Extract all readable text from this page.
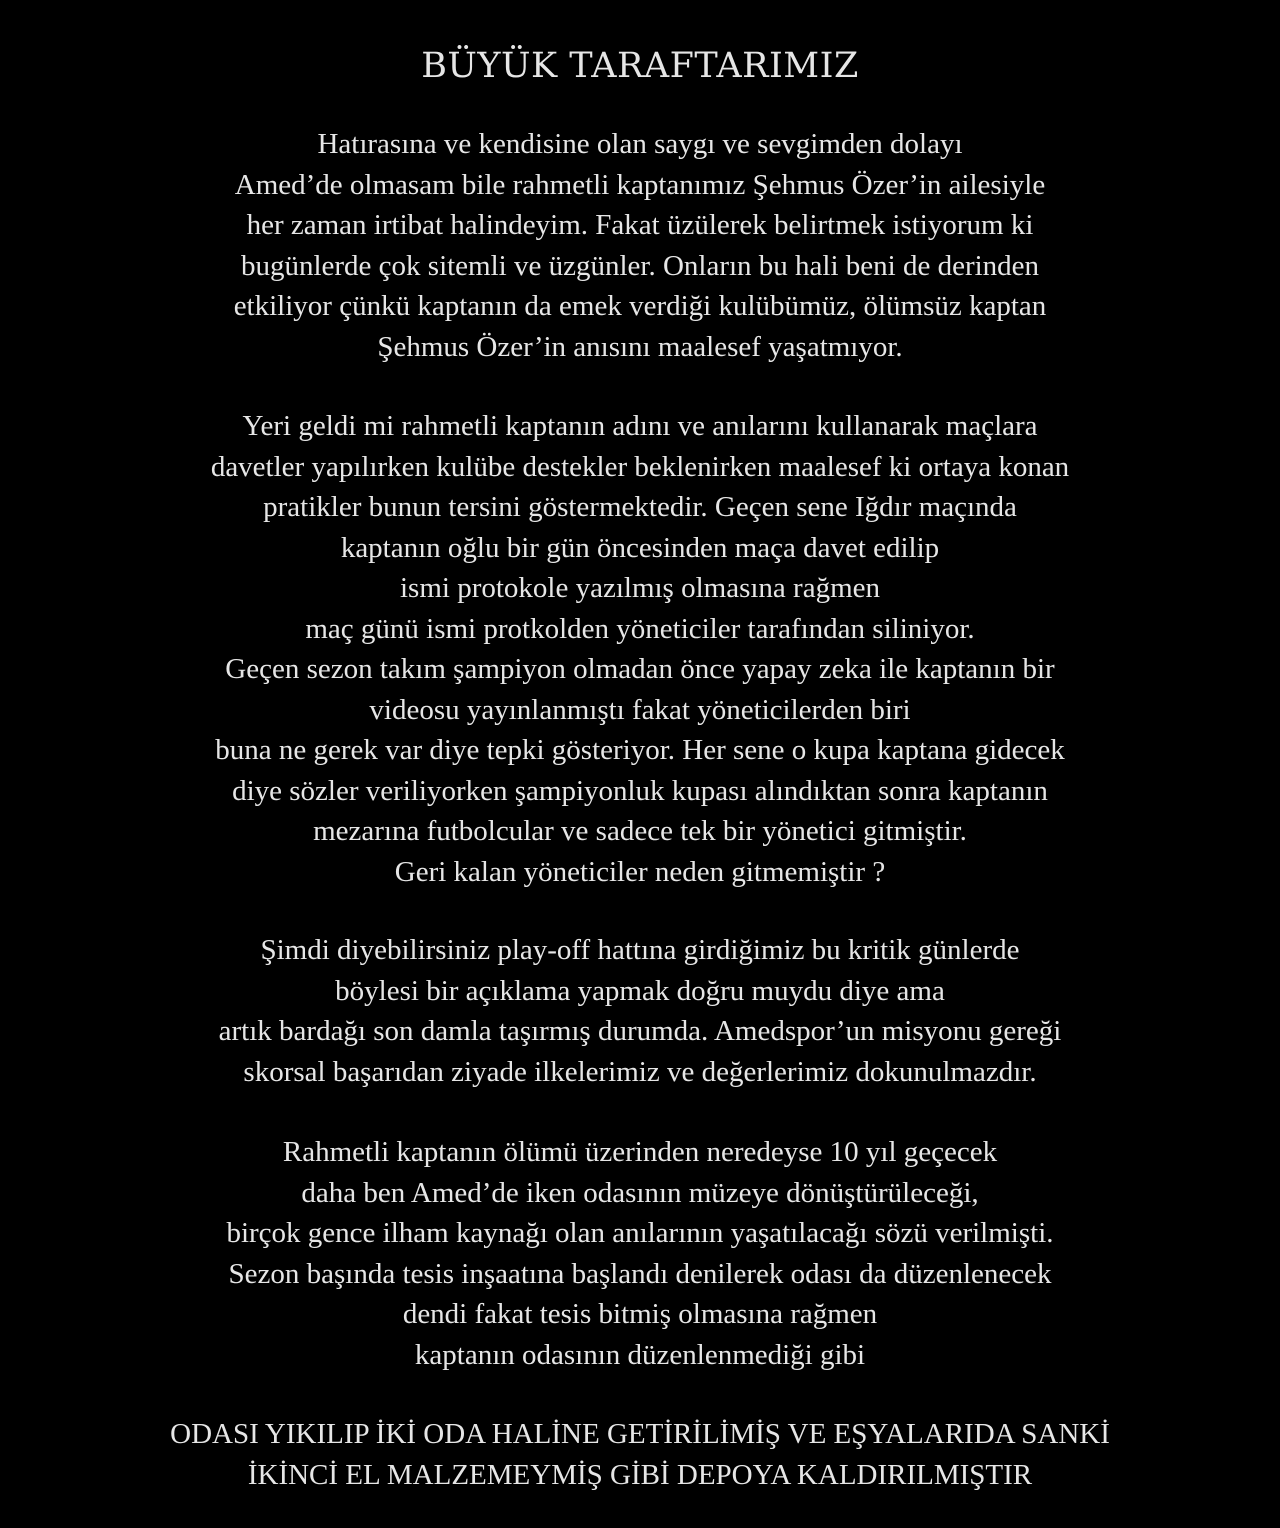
BÜYÜK TARAFTARIMIZ
Hatırasına ve kendisine olan saygı ve sevgimden dolayı
Amed’de olmasam bile rahmetli kaptanımız Şehmus Özer’in ailesiyle
her zaman irtibat halindeyim. Fakat üzülerek belirtmek istiyorum ki
bugünlerde çok sitemli ve üzgünler. Onların bu hali beni de derinden
etkiliyor çünkü kaptanın da emek verdiği kulübümüz, ölümsüz kaptan
Şehmus Özer’in anısını maalesef yaşatmıyor.
Yeri geldi mi rahmetli kaptanın adını ve anılarını kullanarak maçlara
davetler yapılırken kulübe destekler beklenirken maalesef ki ortaya konan
pratikler bunun tersini göstermektedir. Geçen sene Iğdır maçında
kaptanın oğlu bir gün öncesinden maça davet edilip
ismi protokole yazılmış olmasına rağmen
maç günü ismi protkolden yöneticiler tarafından siliniyor.
Geçen sezon takım şampiyon olmadan önce yapay zeka ile kaptanın bir
videosu yayınlanmıştı fakat yöneticilerden biri
buna ne gerek var diye tepki gösteriyor. Her sene o kupa kaptana gidecek
diye sözler veriliyorken şampiyonluk kupası alındıktan sonra kaptanın
mezarına futbolcular ve sadece tek bir yönetici gitmiştir.
Geri kalan yöneticiler neden gitmemiştir ?
Şimdi diyebilirsiniz play-off hattına girdiğimiz bu kritik günlerde
böylesi bir açıklama yapmak doğru muydu diye ama
artık bardağı son damla taşırmış durumda. Amedspor’un misyonu gereği
skorsal başarıdan ziyade ilkelerimiz ve değerlerimiz dokunulmazdır.
Rahmetli kaptanın ölümü üzerinden neredeyse 10 yıl geçecek
daha ben Amed’de iken odasının müzeye dönüştürüleceği,
birçok gence ilham kaynağı olan anılarının yaşatılacağı sözü verilmişti.
Sezon başında tesis inşaatına başlandı denilerek odası da düzenlenecek
dendi fakat tesis bitmiş olmasına rağmen
kaptanın odasının düzenlenmediği gibi
ODASI YIKILIP İKİ ODA HALİNE GETİRİLİMİŞ VE EŞYALARIDA SANKİ
İKİNCİ EL MALZEMEYMİŞ GİBİ DEPOYA KALDIRILMIŞTIR
